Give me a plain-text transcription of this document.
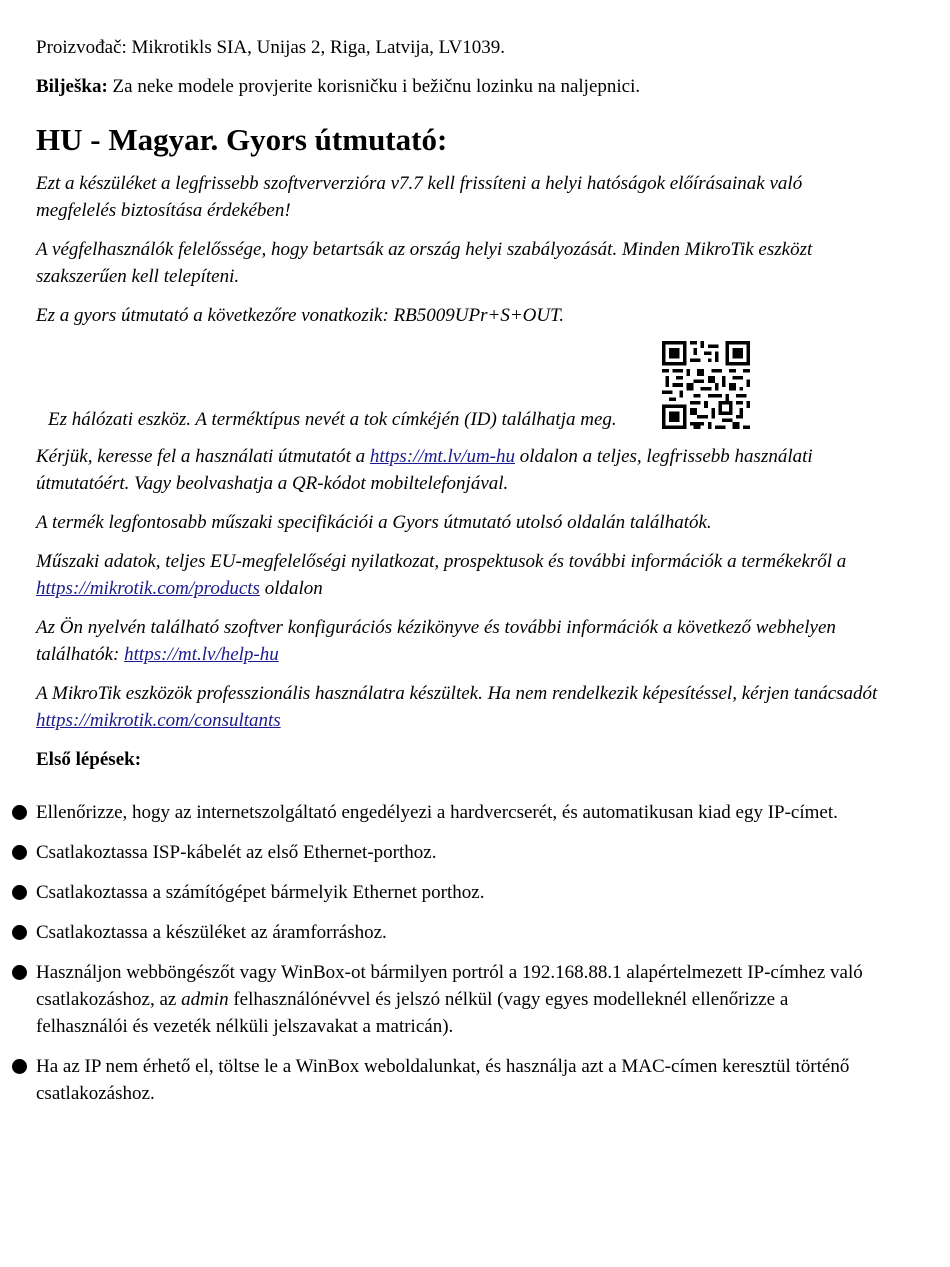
Proizvođač: Mikrotikls SIA, Unijas 2, Riga, Latvija, LV1039.

Bilješka: Za neke modele provjerite korisničku i bežičnu lozinku na naljepnici.

HU - Magyar. Gyors útmutató:

Ezt a készüléket a legfrissebb szoftververzióra v7.7 kell frissíteni a helyi hatóságok előírásainak való megfelelés biztosítása érdekében!

A végfelhasználók felelőssége, hogy betartsák az ország helyi szabályozását. Minden MikroTik eszközt szakszerűen kell telepíteni.

Ez a gyors útmutató a következőre vonatkozik: RB5009UPr+S+OUT.

Ez hálózati eszköz. A terméktípus nevét a tok címkéjén (ID) találhatja meg.

Kérjük, keresse fel a használati útmutatót a https://mt.lv/um-hu oldalon a teljes, legfrissebb használati útmutatóért. Vagy beolvashatja a QR-kódot mobiltelefonjával.

A termék legfontosabb műszaki specifikációi a Gyors útmutató utolsó oldalán találhatók.

Műszaki adatok, teljes EU-megfelelőségi nyilatkozat, prospektusok és további információk a termékekről a https://mikrotik.com/products oldalon

Az Ön nyelvén található szoftver konfigurációs kézikönyve és további információk a következő webhelyen találhatók: https://mt.lv/help-hu

A MikroTik eszközök professzionális használatra készültek. Ha nem rendelkezik képesítéssel, kérjen tanácsadót https://mikrotik.com/consultants

Első lépések:

Ellenőrizze, hogy az internetszolgáltató engedélyezi a hardvercserét, és automatikusan kiad egy IP-címet.
Csatlakoztassa ISP-kábelét az első Ethernet-porthoz.
Csatlakoztassa a számítógépet bármelyik Ethernet porthoz.
Csatlakoztassa a készüléket az áramforráshoz.
Használjon webböngészőt vagy WinBox-ot bármilyen portról a 192.168.88.1 alapértelmezett IP-címhez való csatlakozáshoz, az admin felhasználónévvel és jelszó nélkül (vagy egyes modelleknél ellenőrizze a felhasználói és vezeték nélküli jelszavakat a matricán).
Ha az IP nem érhető el, töltse le a WinBox weboldalunkat, és használja azt a MAC-címen keresztül történő csatlakozáshoz.
